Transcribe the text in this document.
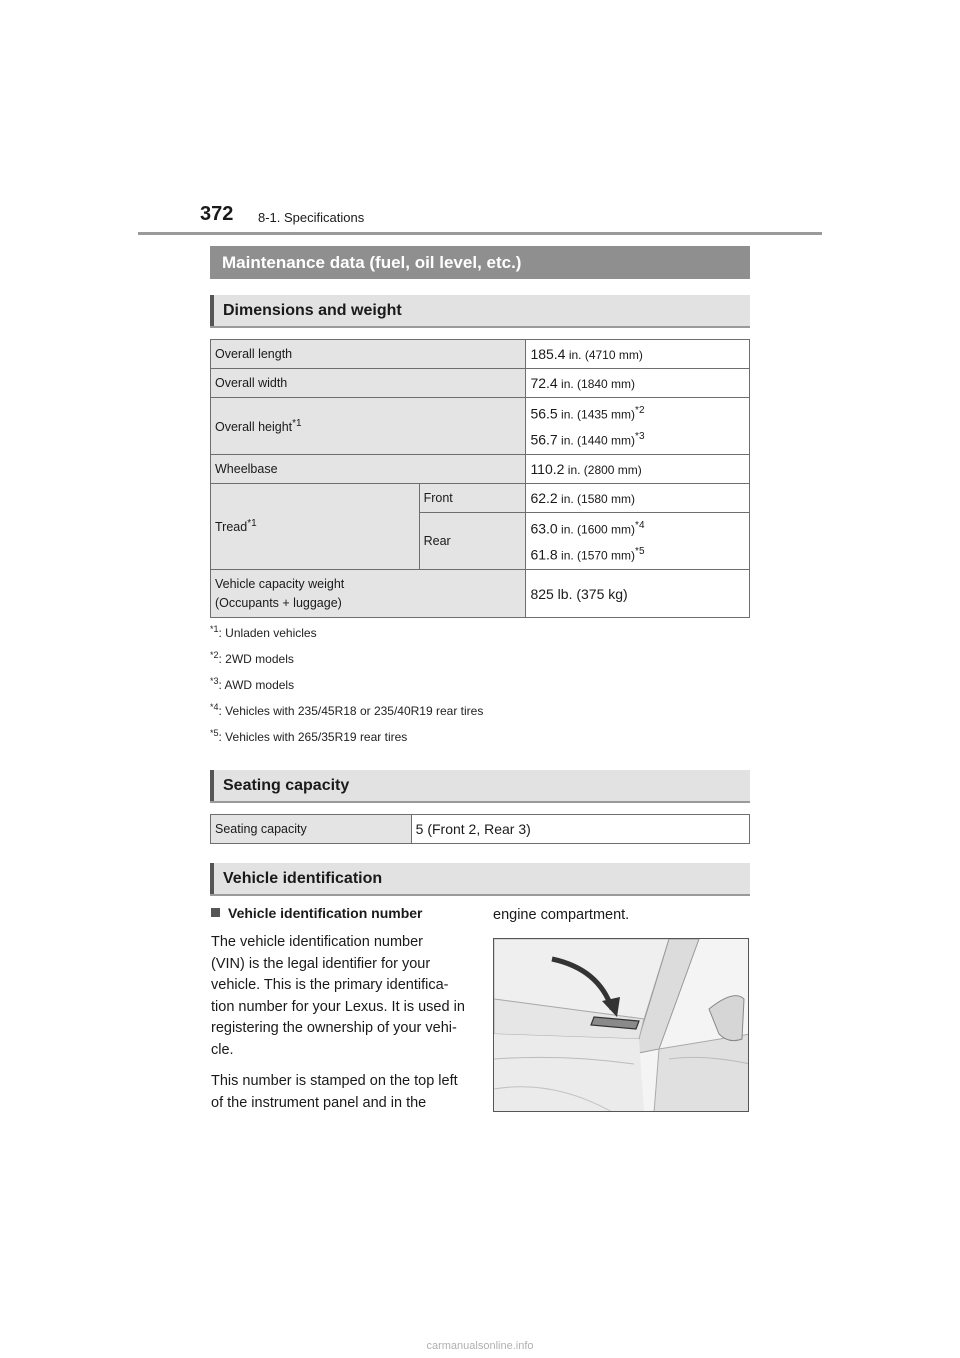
372 8-1. Specifications
Maintenance data (fuel, oil level, etc.)
Dimensions and weight
Overall length		185.4 in. (4710 mm)
Overall width		72.4 in. (1840 mm)
Overall height$^{*1}$		56.5 in. (1435 mm)$^{*2}$
56.7 in. (1440 mm)$^{*3}$
Wheelbase		110.2 in. (2800 mm)
Tread$^{*1}$	Front	62.2 in. (1580 mm)
	Rear	63.0 in. (1600 mm)$^{*4}$
61.8 in. (1570 mm)$^{*5}$
Vehicle capacity weight
(Occupants + luggage)		825 lb. (375 kg)
$^{*1}$: Unladen vehicles
$^{*2}$: 2WD models
$^{*3}$: AWD models
$^{*4}$: Vehicles with 235/45R18 or 235/40R19 rear tires
$^{*5}$: Vehicles with 265/35R19 rear tires
Seating capacity
Seating capacity	5 (Front 2, Rear 3)
Vehicle identification
Vehicle identification number
The vehicle identification number
(VIN) is the legal identifier for your
vehicle. This is the primary identifica-
tion number for your Lexus. It is used in
registering the ownership of your vehi-
cle.
This number is stamped on the top left
of the instrument panel and in the
engine compartment.
carmanualsonline.info
